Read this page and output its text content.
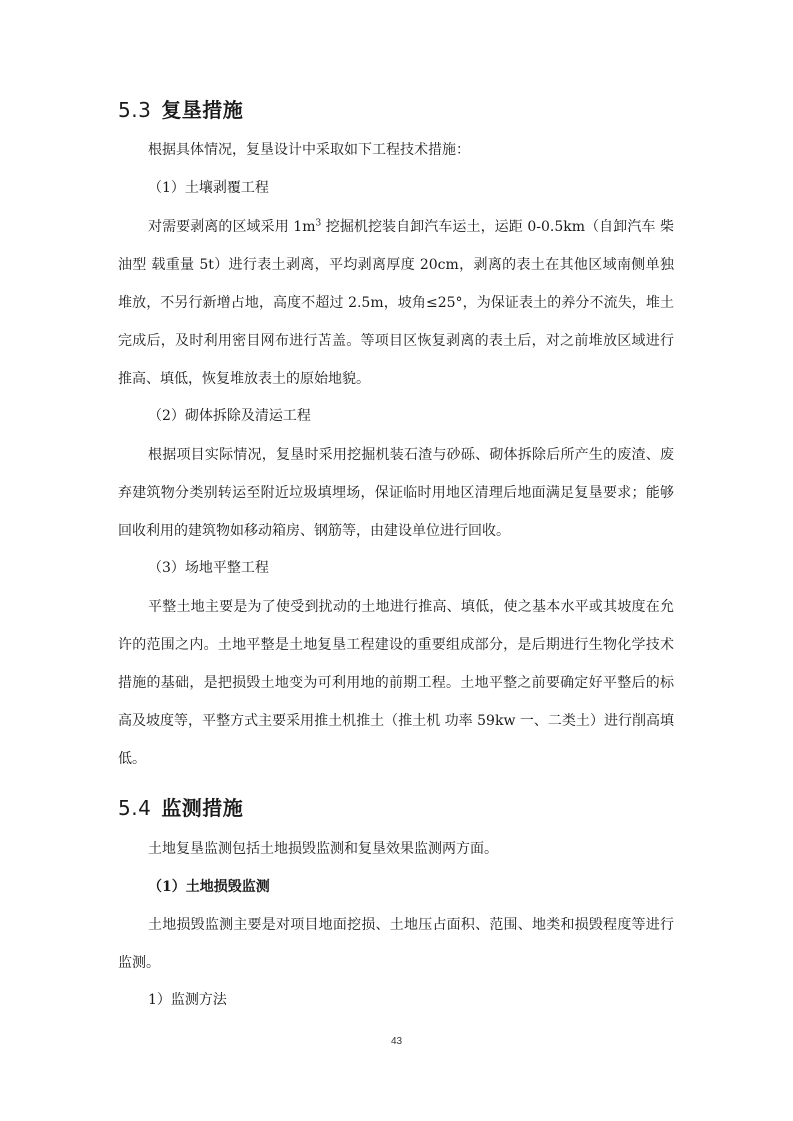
5.3 复垦措施
根据具体情况，复垦设计中采取如下工程技术措施：
（1）土壤剥覆工程
对需要剥离的区域采用 $1m^3$ 挖掘机挖装自卸汽车运土，运距 0-0.5km（自卸汽车 柴油型 载重量 5t）进行表土剥离，平均剥离厚度 20cm，剥离的表土在其他区域南侧单独堆放，不另行新增占地，高度不超过 2.5m，坡角≤25°，为保证表土的养分不流失，堆土完成后，及时利用密目网布进行苫盖。等项目区恢复剥离的表土后，对之前堆放区域进行推高、填低，恢复堆放表土的原始地貌。
（2）砌体拆除及清运工程
根据项目实际情况，复垦时采用挖掘机装石渣与砂砾、砌体拆除后所产生的废渣、废弃建筑物分类别转运至附近垃圾填埋场，保证临时用地区清理后地面满足复垦要求；能够回收利用的建筑物如移动箱房、钢筋等，由建设单位进行回收。
（3）场地平整工程
平整土地主要是为了使受到扰动的土地进行推高、填低，使之基本水平或其坡度在允许的范围之内。土地平整是土地复垦工程建设的重要组成部分，是后期进行生物化学技术措施的基础，是把损毁土地变为可利用地的前期工程。土地平整之前要确定好平整后的标高及坡度等，平整方式主要采用推土机推土（推土机 功率 59kw 一、二类土）进行削高填低。
5.4 监测措施
土地复垦监测包括土地损毁监测和复垦效果监测两方面。
（1）土地损毁监测
土地损毁监测主要是对项目地面挖损、土地压占面积、范围、地类和损毁程度等进行监测。
1）监测方法
43
